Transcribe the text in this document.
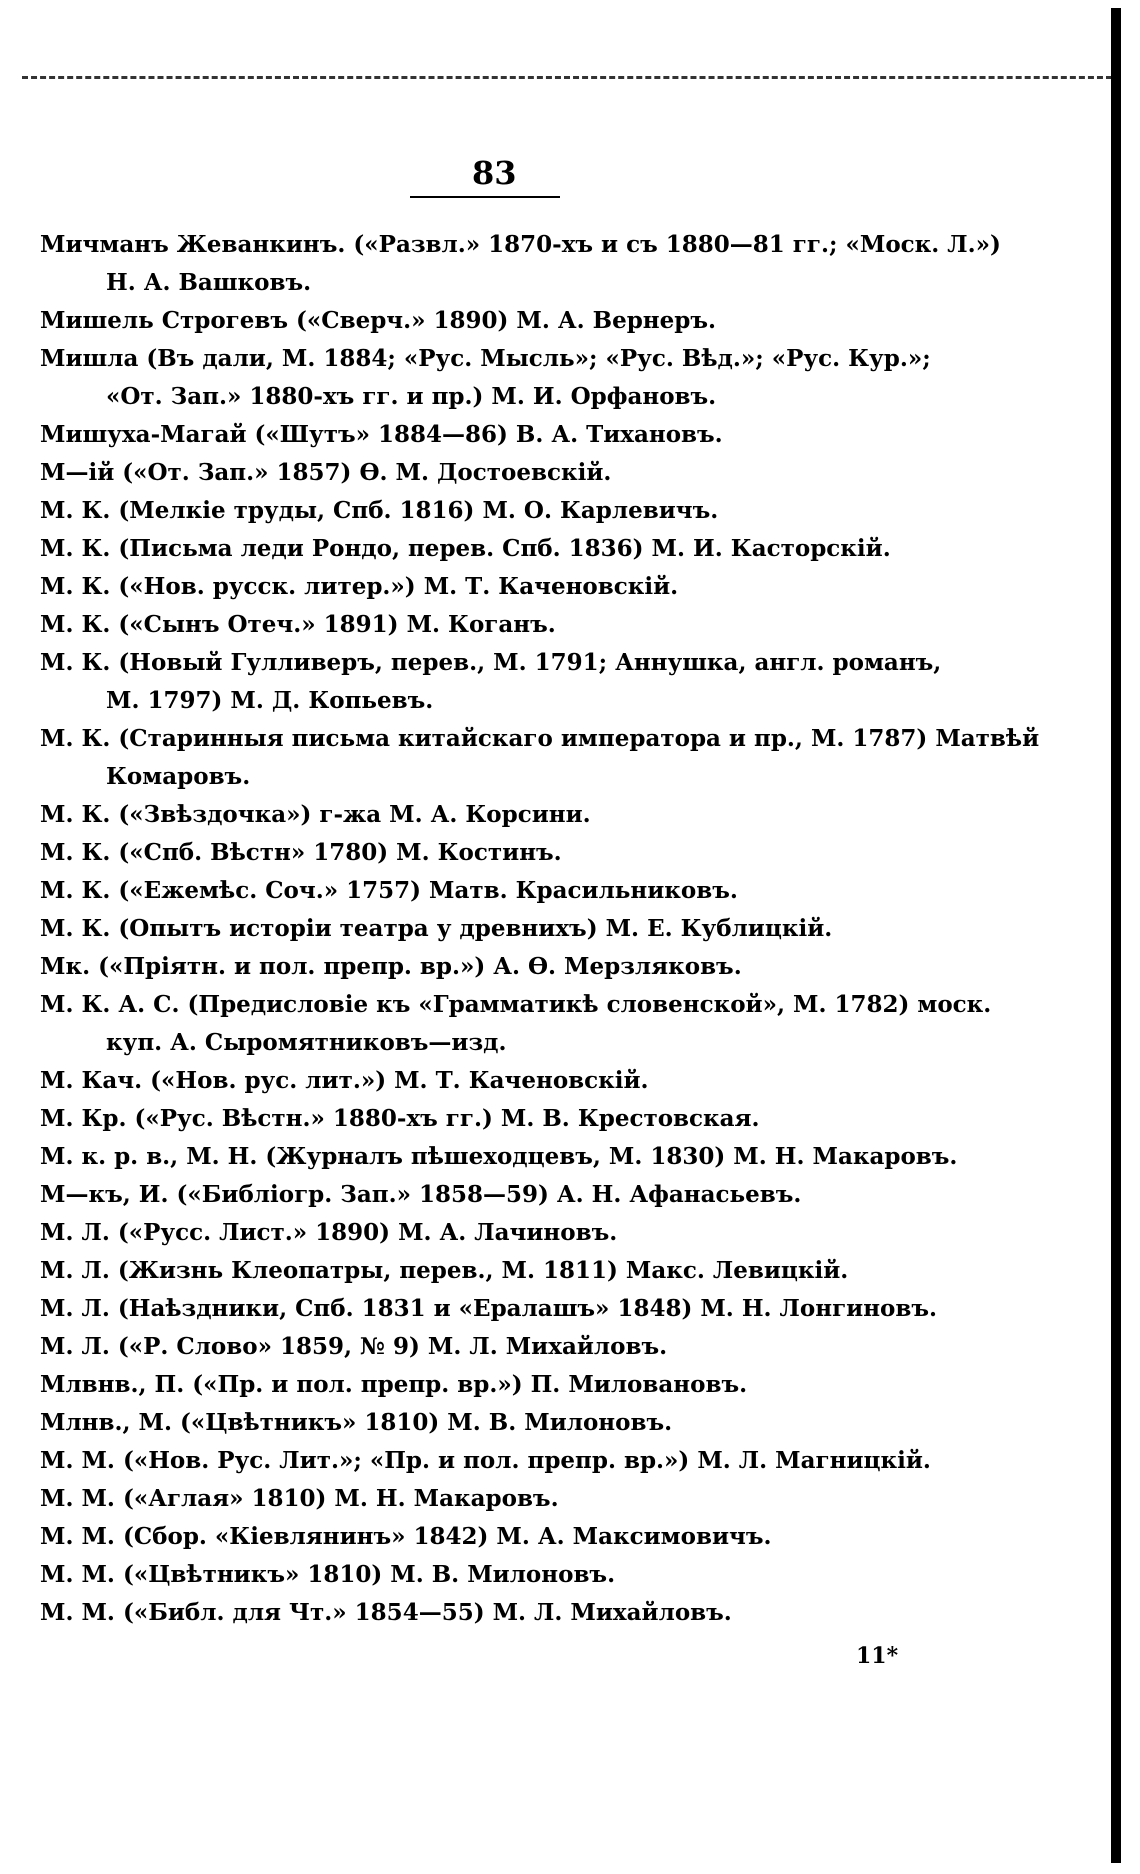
83
Мичманъ Жеванкинъ. («Развл.» 1870-хъ и съ 1880—81 гг.; «Моск. Л.»)

Н. А. Вашковъ.
Мишель Строгевъ («Сверч.» 1890) М. А. Вернеръ.
Мишла (Въ дали, М. 1884; «Рус. Мысль»; «Рус. Вѣд.»; «Рус. Кур.»;

«От. Зап.» 1880-хъ гг. и пр.) М. И. Орфановъ.
Мишуха-Магай («Шутъ» 1884—86) В. А. Тихановъ.
М—iй («От. Зап.» 1857) Ѳ. М. Достоевскій.
М. К. (Мелкіе труды, Спб. 1816) М. О. Карлевичъ.
М. К. (Письма леди Рондо, перев. Спб. 1836) М. И. Касторскій.
М. К. («Нов. русск. литер.») М. Т. Каченовскій.
М. К. («Сынъ Отеч.» 1891) М. Коганъ.
М. К. (Новый Гулливеръ, перев., М. 1791; Аннушка, англ. романъ,

М. 1797) М. Д. Копьевъ.
М. К. (Старинныя письма китайскаго императора и пр., М. 1787) Матвѣй

Комаровъ.
М. К. («Звѣздочка») г-жа М. А. Корсини.
М. К. («Спб. Вѣстн» 1780) М. Костинъ.
М. К. («Ежемѣс. Соч.» 1757) Матв. Красильниковъ.
М. К. (Опытъ исторіи театра у древнихъ) М. Е. Кублицкій.
Мк. («Пріятн. и пол. препр. вр.») А. Ѳ. Мерзляковъ.
М. К. А. С. (Предисловіе къ «Грамматикѣ словенской», М. 1782) моск.

куп. А. Сыромятниковъ—изд.
М. Кач. («Нов. рус. лит.») М. Т. Каченовскій.
М. Кр. («Рус. Вѣстн.» 1880-хъ гг.) М. В. Крестовская.
М. к. р. в., М. Н. (Журналъ пѣшеходцевъ, М. 1830) М. Н. Макаровъ.
М—къ, И. («Библіогр. Зап.» 1858—59) А. Н. Афанасьевъ.
М. Л. («Русс. Лист.» 1890) М. А. Лачиновъ.
М. Л. (Жизнь Клеопатры, перев., М. 1811) Макс. Левицкій.
М. Л. (Наѣздники, Спб. 1831 и «Ералашъ» 1848) М. Н. Лонгиновъ.
М. Л. («Р. Слово» 1859, № 9) М. Л. Михайловъ.
Млвнв., П. («Пр. и пол. препр. вр.») П. Миловановъ.
Млнв., М. («Цвѣтникъ» 1810) М. В. Милоновъ.
М. М. («Нов. Рус. Лит.»; «Пр. и пол. препр. вр.») М. Л. Магницкій.
М. М. («Аглая» 1810) М. Н. Макаровъ.
М. М. (Сбор. «Кіевлянинъ» 1842) М. А. Максимовичъ.
М. М. («Цвѣтникъ» 1810) М. В. Милоновъ.
М. М. («Библ. для Чт.» 1854—55) М. Л. Михайловъ.
11*
